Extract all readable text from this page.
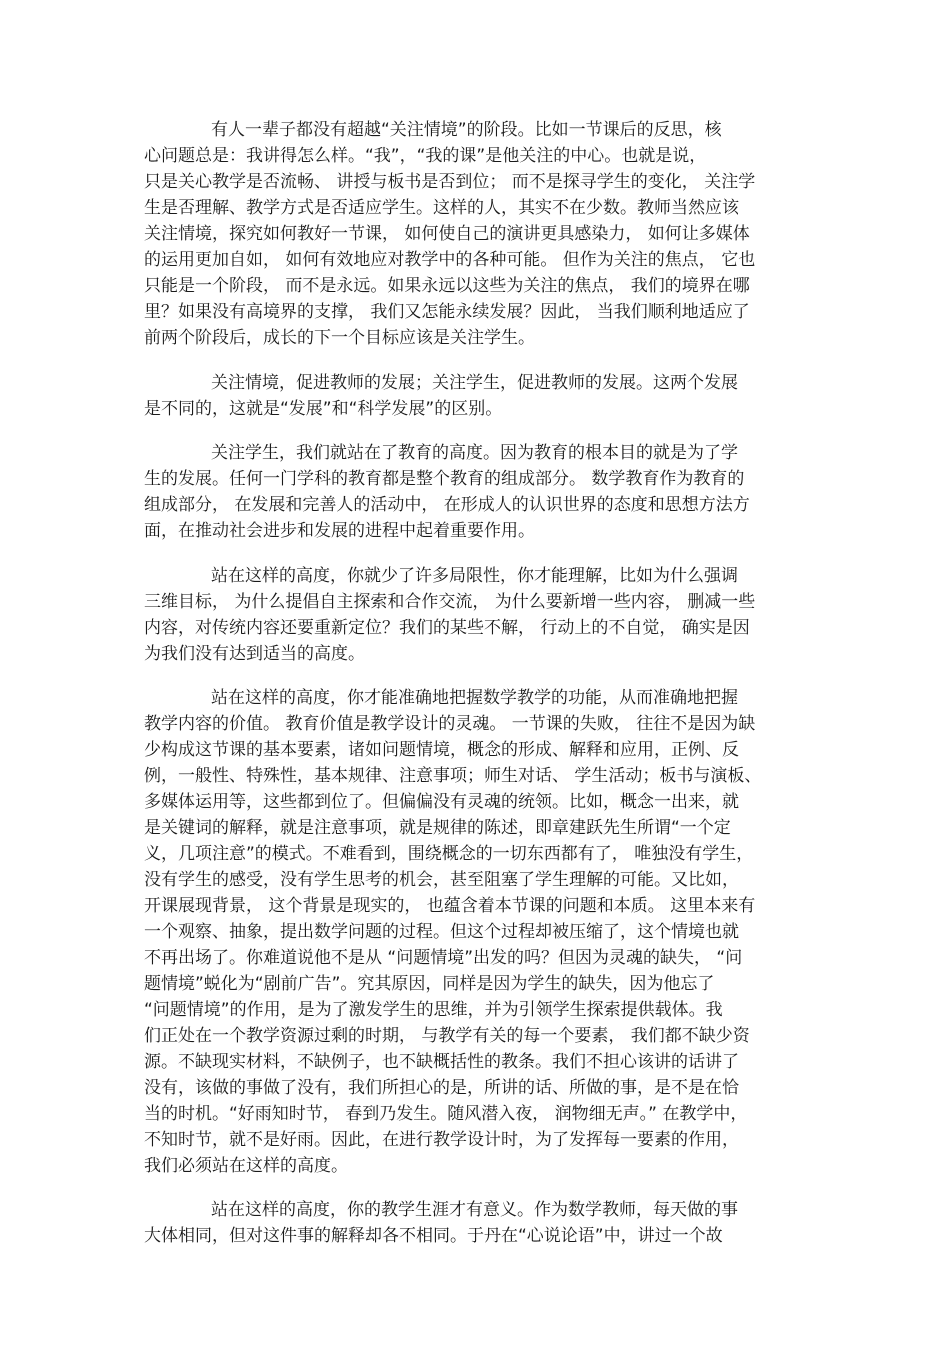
有人一辈子都没有超越“关注情境”的阶段。比如一节课后的反思，核
心问题总是：我讲得怎么样。“我”，“我的课”是他关注的中心。也就是说，
只是关心教学是否流畅、 讲授与板书是否到位； 而不是探寻学生的变化， 关注学
生是否理解、教学方式是否适应学生。这样的人，其实不在少数。教师当然应该
关注情境，探究如何教好一节课， 如何使自己的演讲更具感染力， 如何让多媒体
的运用更加自如， 如何有效地应对教学中的各种可能。 但作为关注的焦点， 它也
只能是一个阶段， 而不是永远。如果永远以这些为关注的焦点， 我们的境界在哪
里？如果没有高境界的支撑， 我们又怎能永续发展？因此， 当我们顺利地适应了
前两个阶段后，成长的下一个目标应该是关注学生。
关注情境，促进教师的发展；关注学生，促进教师的发展。这两个发展
是不同的，这就是“发展”和“科学发展”的区别。
关注学生，我们就站在了教育的高度。因为教育的根本目的就是为了学
生的发展。任何一门学科的教育都是整个教育的组成部分。 数学教育作为教育的
组成部分， 在发展和完善人的活动中， 在形成人的认识世界的态度和思想方法方
面，在推动社会进步和发展的进程中起着重要作用。
站在这样的高度，你就少了许多局限性，你才能理解，比如为什么强调
三维目标， 为什么提倡自主探索和合作交流， 为什么要新增一些内容， 删减一些
内容，对传统内容还要重新定位？我们的某些不解， 行动上的不自觉， 确实是因
为我们没有达到适当的高度。
站在这样的高度，你才能准确地把握数学教学的功能，从而准确地把握
教学内容的价值。 教育价值是教学设计的灵魂。 一节课的失败， 往往不是因为缺
少构成这节课的基本要素，诸如问题情境，概念的形成、解释和应用，正例、反
例，一般性、特殊性，基本规律、注意事项；师生对话、 学生活动；板书与演板、
多媒体运用等，这些都到位了。但偏偏没有灵魂的统领。比如，概念一出来，就
是关键词的解释，就是注意事项，就是规律的陈述，即章建跃先生所谓“一个定
义，几项注意”的模式。不难看到，围绕概念的一切东西都有了， 唯独没有学生，
没有学生的感受，没有学生思考的机会，甚至阻塞了学生理解的可能。又比如，
开课展现背景， 这个背景是现实的， 也蕴含着本节课的问题和本质。 这里本来有
一个观察、抽象，提出数学问题的过程。但这个过程却被压缩了，这个情境也就
不再出场了。你难道说他不是从 “问题情境”出发的吗？但因为灵魂的缺失， “问
题情境”蜕化为“剧前广告”。究其原因，同样是因为学生的缺失，因为他忘了
“问题情境”的作用，是为了激发学生的思维，并为引领学生探索提供载体。我
们正处在一个教学资源过剩的时期， 与教学有关的每一个要素， 我们都不缺少资
源。不缺现实材料，不缺例子，也不缺概括性的教条。我们不担心该讲的话讲了
没有，该做的事做了没有，我们所担心的是，所讲的话、所做的事，是不是在恰
当的时机。“好雨知时节， 春到乃发生。随风潜入夜， 润物细无声。” 在教学中，
不知时节，就不是好雨。因此，在进行教学设计时，为了发挥每一要素的作用，
我们必须站在这样的高度。
站在这样的高度，你的教学生涯才有意义。作为数学教师，每天做的事
大体相同，但对这件事的解释却各不相同。于丹在“心说论语”中，讲过一个故
